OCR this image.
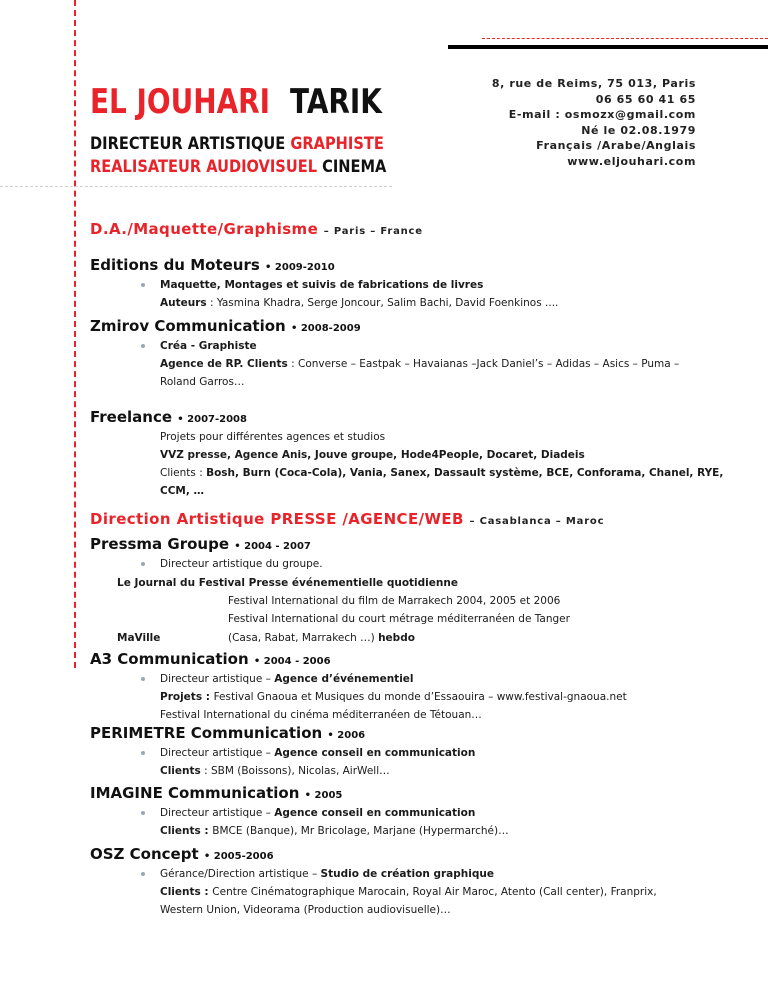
EL JOUHARI TARIK
DIRECTEUR ARTISTIQUE GRAPHISTE
REALISATEUR AUDIOVISUEL CINEMA
8, rue de Reims, 75 013, Paris
06 65 60 41 65
E-mail : osmozx@gmail.com
Né le 02.08.1979
Français /Arabe/Anglais
www.eljouhari.com
D.A./Maquette/Graphisme – Paris – France
Editions du Moteurs • 2009-2010
Maquette, Montages et suivis de fabrications de livres
Auteurs : Yasmina Khadra, Serge Joncour, Salim Bachi, David Foenkinos ....
Zmirov Communication • 2008-2009
Créa - Graphiste
Agence de RP. Clients : Converse – Eastpak – Havaianas –Jack Daniel’s – Adidas – Asics – Puma –
Roland Garros…
Freelance • 2007-2008
Projets pour différentes agences et studios
VVZ presse, Agence Anis, Jouve groupe, Hode4People, Docaret, Diadeis
Clients : Bosh, Burn (Coca-Cola), Vania, Sanex, Dassault système, BCE, Conforama, Chanel, RYE,
CCM, …
Direction Artistique PRESSE /AGENCE/WEB – Casablanca – Maroc
Pressma Groupe • 2004 - 2007
Directeur artistique du groupe.
Le Journal du Festival Presse événementielle quotidienne
Festival International du film de Marrakech 2004, 2005 et 2006
Festival International du court métrage méditerranéen de Tanger
MaVille	(Casa, Rabat, Marrakech …) hebdo
A3 Communication • 2004 - 2006
Directeur artistique – Agence d’événementiel
Projets : Festival Gnaoua et Musiques du monde d’Essaouira – www.festival-gnaoua.net
Festival International du cinéma méditerranéen de Tétouan…
PERIMETRE Communication • 2006
Directeur artistique – Agence conseil en communication
Clients : SBM (Boissons), Nicolas, AirWell…
IMAGINE Communication • 2005
Directeur artistique – Agence conseil en communication
Clients : BMCE (Banque), Mr Bricolage, Marjane (Hypermarché)…
OSZ Concept • 2005-2006
Gérance/Direction artistique – Studio de création graphique
Clients : Centre Cinématographique Marocain, Royal Air Maroc, Atento (Call center), Franprix,
Western Union, Videorama (Production audiovisuelle)…
